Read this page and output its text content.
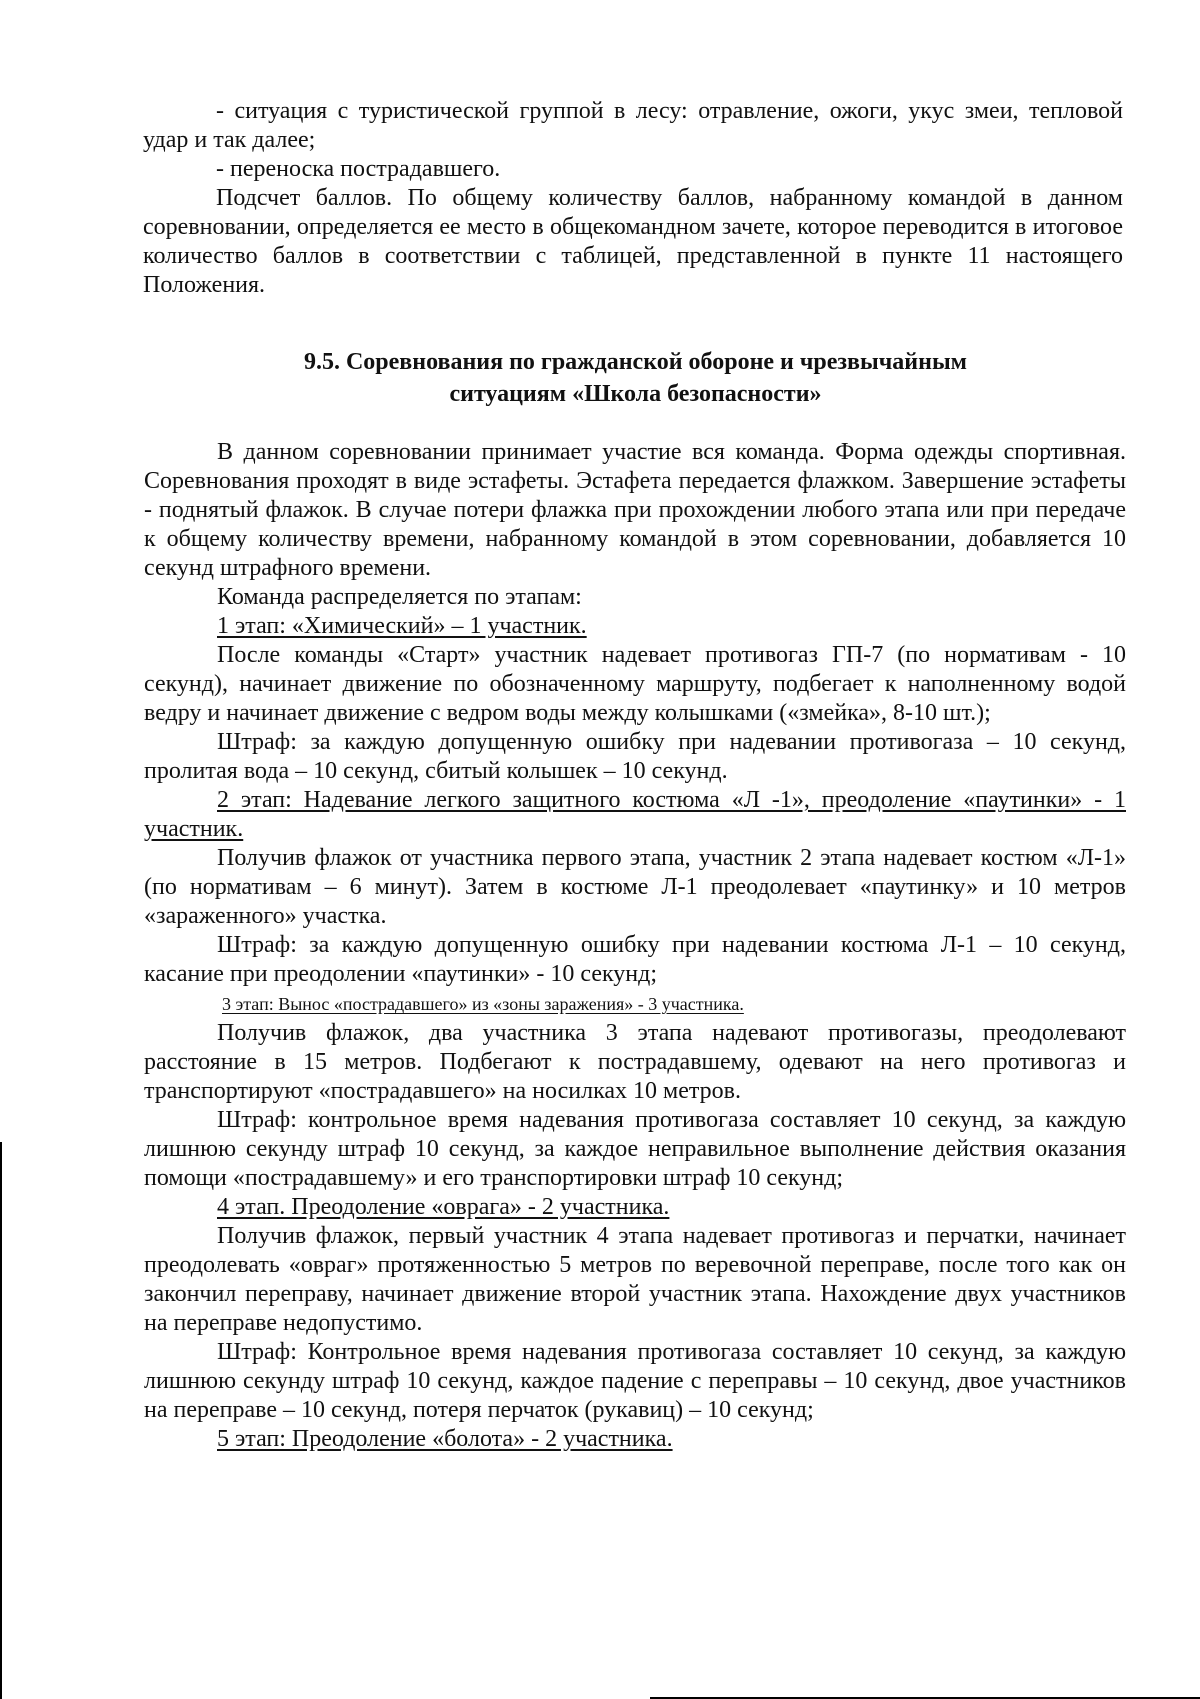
- ситуация с туристической группой в лесу: отравление, ожоги, укус змеи, тепловой удар и так далее;

- переноска пострадавшего.

Подсчет баллов. По общему количеству баллов, набранному командой в данном соревновании, определяется ее место в общекомандном зачете, которое переводится в итоговое количество баллов в соответствии с таблицей, представленной в пункте 11 настоящего Положения.

9.5. Соревнования по гражданской обороне и чрезвычайным
ситуациям «Школа безопасности»

В данном соревновании принимает участие вся команда. Форма одежды спортивная. Соревнования проходят в виде эстафеты. Эстафета передается флажком. Завершение эстафеты - поднятый флажок. В случае потери флажка при прохождении любого этапа или при передаче к общему количеству времени, набранному командой в этом соревновании, добавляется 10 секунд штрафного времени.

Команда распределяется по этапам:

1 этап: «Химический» – 1 участник.

После команды «Старт» участник надевает противогаз ГП-7 (по нормативам - 10 секунд), начинает движение по обозначенному маршруту, подбегает к наполненному водой ведру и начинает движение с ведром воды между колышками («змейка», 8-10 шт.);

Штраф: за каждую допущенную ошибку при надевании противогаза – 10 секунд, пролитая вода – 10 секунд, сбитый колышек – 10 секунд.

2 этап: Надевание легкого защитного костюма «Л -1», преодоление «паутинки» - 1 участник.

Получив флажок от участника первого этапа, участник 2 этапа надевает костюм «Л-1» (по нормативам – 6 минут). Затем в костюме Л-1 преодолевает «паутинку» и 10 метров «зараженного» участка.

Штраф: за каждую допущенную ошибку при надевании костюма Л-1 – 10 секунд, касание при преодолении «паутинки» - 10 секунд;

3 этап: Вынос «пострадавшего» из «зоны заражения» - 3 участника.

Получив флажок, два участника 3 этапа надевают противогазы, преодолевают расстояние в 15 метров. Подбегают к пострадавшему, одевают на него противогаз и транспортируют «пострадавшего» на носилках 10 метров.

Штраф: контрольное время надевания противогаза составляет 10 секунд, за каждую лишнюю секунду штраф 10 секунд, за каждое неправильное выполнение действия оказания помощи «пострадавшему» и его транспортировки штраф 10 секунд;

4 этап. Преодоление «оврага» - 2 участника.

Получив флажок, первый участник 4 этапа надевает противогаз и перчатки, начинает преодолевать «овраг» протяженностью 5 метров по веревочной переправе, после того как он закончил переправу, начинает движение второй участник этапа. Нахождение двух участников на переправе недопустимо.

Штраф: Контрольное время надевания противогаза составляет 10 секунд, за каждую лишнюю секунду штраф 10 секунд, каждое падение с переправы – 10 секунд, двое участников на переправе – 10 секунд, потеря перчаток (рукавиц) – 10 секунд;

5 этап: Преодоление «болота» - 2 участника.
